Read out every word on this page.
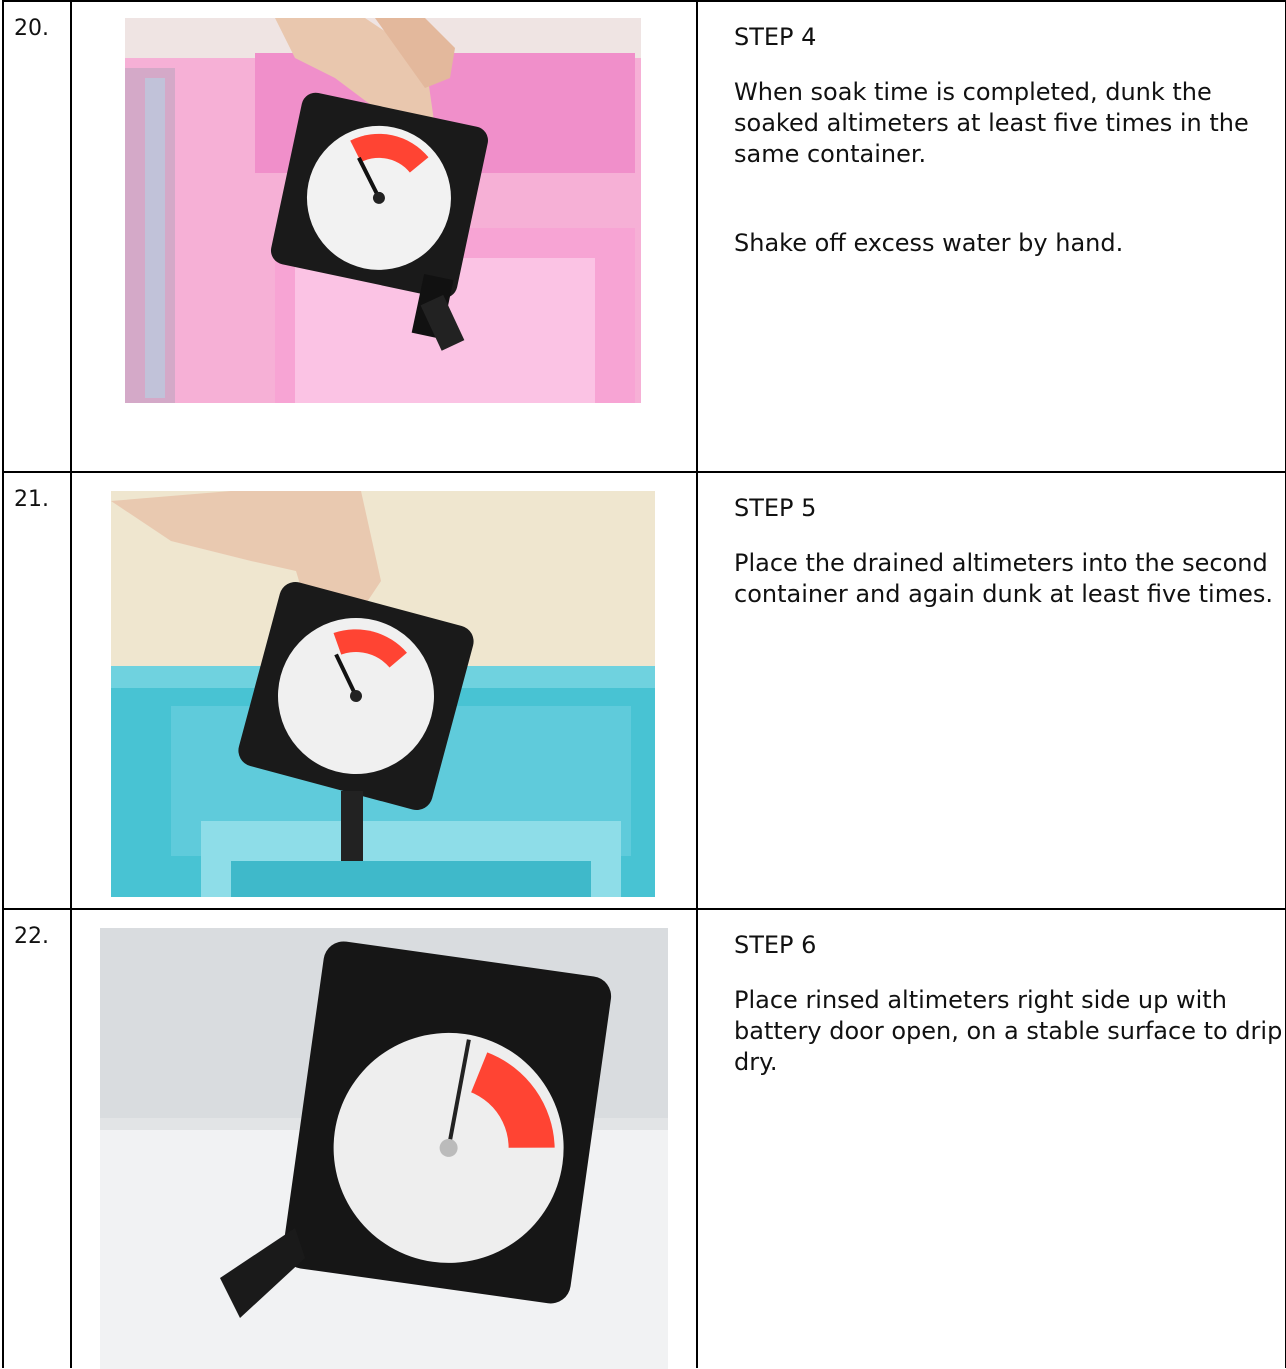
20.		STEP 4

When soak time is completed, dunk the soaked altimeters at least five times in the same container.

Shake off excess water by hand.

21.		STEP 5

Place the drained altimeters into the second container and again dunk at least five times.

22.		STEP 6

Place rinsed altimeters right side up with battery door open, on a stable surface to drip dry.
